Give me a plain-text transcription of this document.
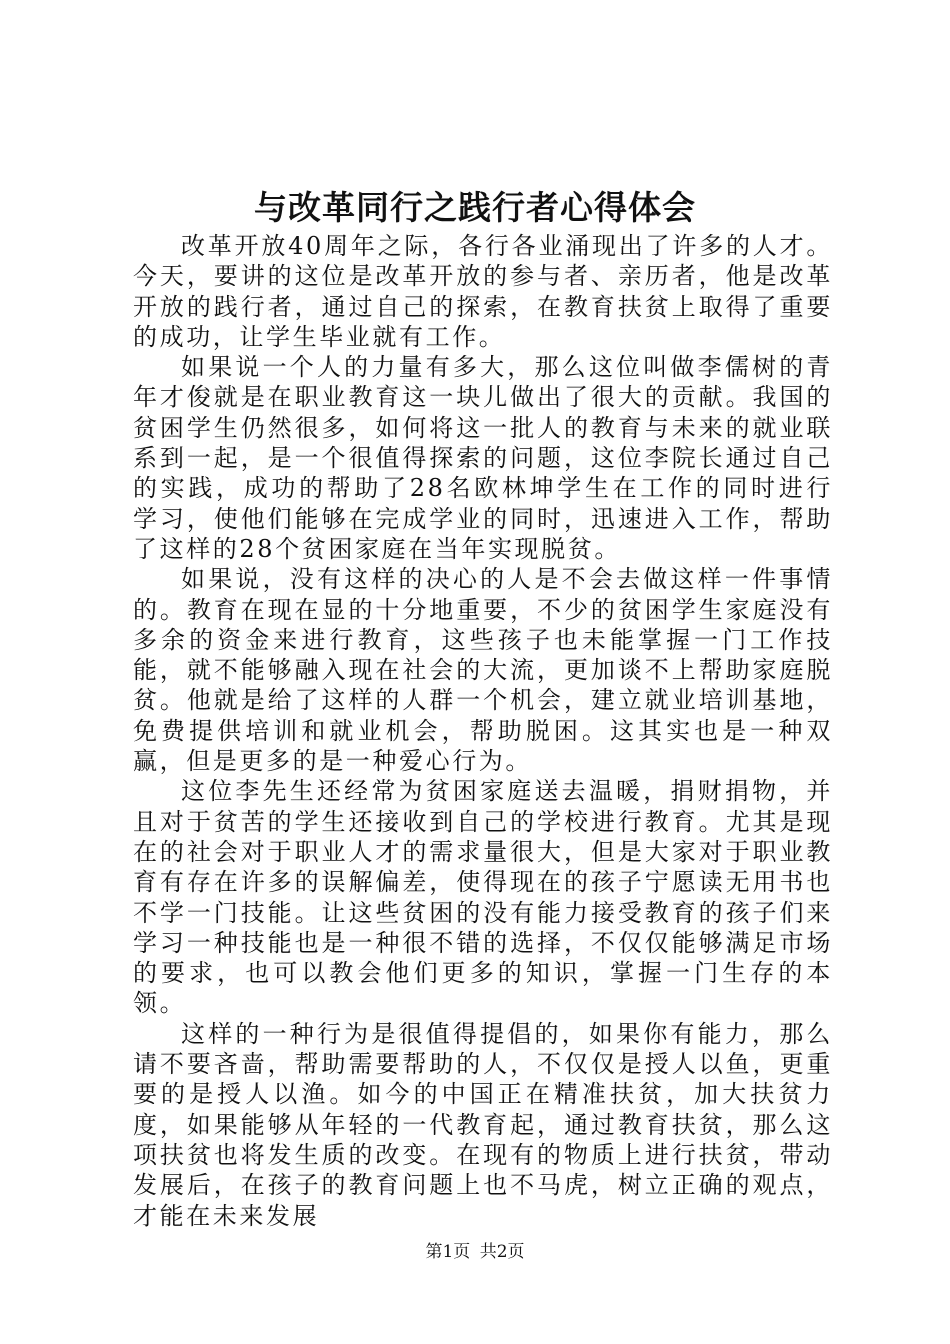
与改革同行之践行者心得体会

改革开放40周年之际，各行各业涌现出了许多的人才。今天，要讲的这位是改革开放的参与者、亲历者，他是改革开放的践行者，通过自己的探索，在教育扶贫上取得了重要的成功，让学生毕业就有工作。

如果说一个人的力量有多大，那么这位叫做李儒树的青年才俊就是在职业教育这一块儿做出了很大的贡献。我国的贫困学生仍然很多，如何将这一批人的教育与未来的就业联系到一起，是一个很值得探索的问题，这位李院长通过自己的实践，成功的帮助了28名欧林坤学生在工作的同时进行学习，使他们能够在完成学业的同时，迅速进入工作，帮助了这样的28个贫困家庭在当年实现脱贫。

如果说，没有这样的决心的人是不会去做这样一件事情的。教育在现在显的十分地重要，不少的贫困学生家庭没有多余的资金来进行教育，这些孩子也未能掌握一门工作技能，就不能够融入现在社会的大流，更加谈不上帮助家庭脱贫。他就是给了这样的人群一个机会，建立就业培训基地，免费提供培训和就业机会，帮助脱困。这其实也是一种双赢，但是更多的是一种爱心行为。

这位李先生还经常为贫困家庭送去温暖，捐财捐物，并且对于贫苦的学生还接收到自己的学校进行教育。尤其是现在的社会对于职业人才的需求量很大，但是大家对于职业教育有存在许多的误解偏差，使得现在的孩子宁愿读无用书也不学一门技能。让这些贫困的没有能力接受教育的孩子们来学习一种技能也是一种很不错的选择，不仅仅能够满足市场的要求，也可以教会他们更多的知识，掌握一门生存的本领。

这样的一种行为是很值得提倡的，如果你有能力，那么请不要吝啬，帮助需要帮助的人，不仅仅是授人以鱼，更重要的是授人以渔。如今的中国正在精准扶贫，加大扶贫力度，如果能够从年轻的一代教育起，通过教育扶贫，那么这项扶贫也将发生质的改变。在现有的物质上进行扶贫，带动发展后，在孩子的教育问题上也不马虎，树立正确的观点，才能在未来发展

第1页 共2页
